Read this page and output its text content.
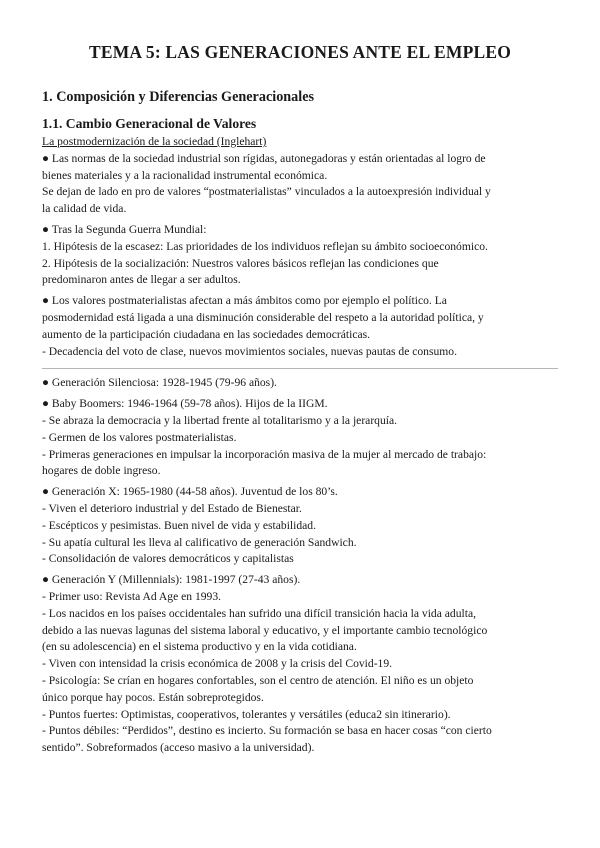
TEMA 5: LAS GENERACIONES ANTE EL EMPLEO
1. Composición y Diferencias Generacionales
1.1. Cambio Generacional de Valores

La postmodernización de la sociedad (Inglehart)

● Las normas de la sociedad industrial son rígidas, autonegadoras y están orientadas al logro de

bienes materiales y a la racionalidad instrumental económica.

Se dejan de lado en pro de valores “postmaterialistas” vinculados a la autoexpresión individual y

la calidad de vida.

● Tras la Segunda Guerra Mundial:

1. Hipótesis de la escasez: Las prioridades de los individuos reflejan su ámbito socioeconómico.

2. Hipótesis de la socialización: Nuestros valores básicos reflejan las condiciones que

predominaron antes de llegar a ser adultos.

● Los valores postmaterialistas afectan a más ámbitos como por ejemplo el político. La

posmodernidad está ligada a una disminución considerable del respeto a la autoridad política, y

aumento de la participación ciudadana en las sociedades democráticas.

- Decadencia del voto de clase, nuevos movimientos sociales, nuevas pautas de consumo.

● Generación Silenciosa: 1928-1945 (79-96 años).

● Baby Boomers: 1946-1964 (59-78 años). Hijos de la IIGM.

- Se abraza la democracia y la libertad frente al totalitarismo y a la jerarquía.

- Germen de los valores postmaterialistas.

- Primeras generaciones en impulsar la incorporación masiva de la mujer al mercado de trabajo:

hogares de doble ingreso.

● Generación X: 1965-1980 (44-58 años). Juventud de los 80’s.

- Viven el deterioro industrial y del Estado de Bienestar.

- Escépticos y pesimistas. Buen nivel de vida y estabilidad.

- Su apatía cultural les lleva al calificativo de generación Sandwich.

- Consolidación de valores democráticos y capitalistas

● Generación Y (Millennials): 1981-1997 (27-43 años).

- Primer uso: Revista Ad Age en 1993.

- Los nacidos en los países occidentales han sufrido una difícil transición hacia la vida adulta,

debido a las nuevas lagunas del sistema laboral y educativo, y el importante cambio tecnológico

(en su adolescencia) en el sistema productivo y en la vida cotidiana.

- Viven con intensidad la crisis económica de 2008 y la crisis del Covid-19.

- Psicología: Se crían en hogares confortables, son el centro de atención. El niño es un objeto

único porque hay pocos. Están sobreprotegidos.

- Puntos fuertes: Optimistas, cooperativos, tolerantes y versátiles (educa2 sin itinerario).

- Puntos débiles: “Perdidos”, destino es incierto. Su formación se basa en hacer cosas “con cierto

sentido”. Sobreformados (acceso masivo a la universidad).
